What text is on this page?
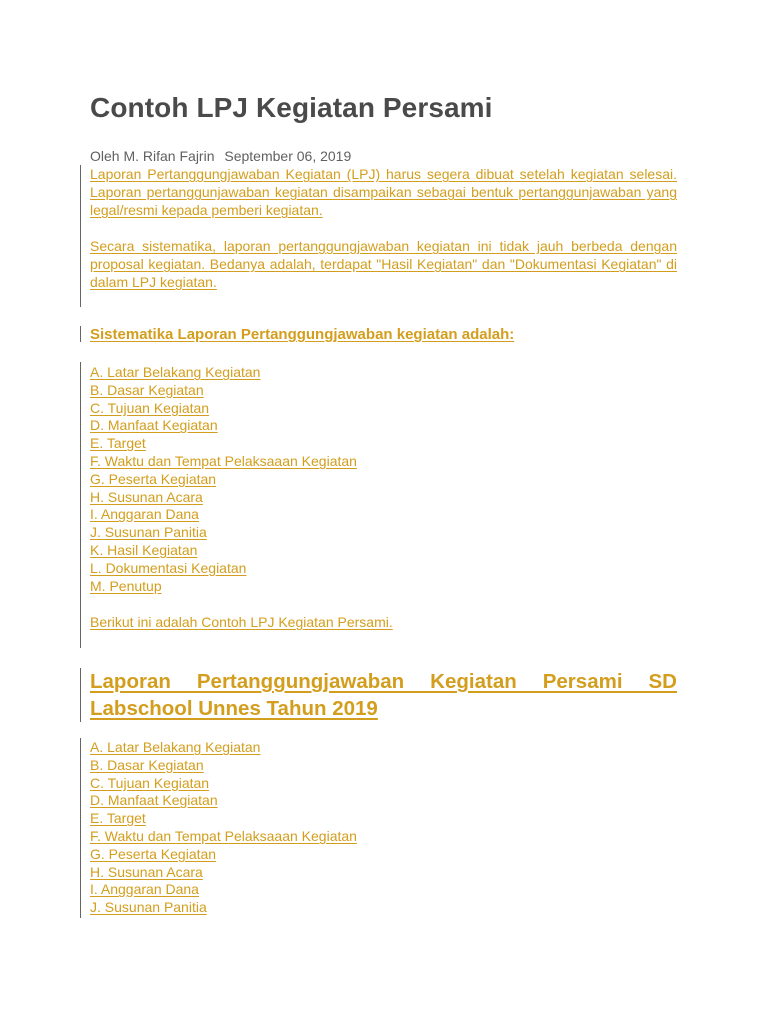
Contoh LPJ Kegiatan Persami
Oleh M. Rifan Fajrin September 06, 2019

Laporan Pertanggungjawaban Kegiatan (LPJ) harus segera dibuat setelah kegiatan selesai. Laporan pertanggunjawaban kegiatan disampaikan sebagai bentuk pertanggunjawaban yang legal/resmi kepada pemberi kegiatan.

Secara sistematika, laporan pertanggungjawaban kegiatan ini tidak jauh berbeda dengan proposal kegiatan. Bedanya adalah, terdapat "Hasil Kegiatan" dan "Dokumentasi Kegiatan" di dalam LPJ kegiatan.

Sistematika Laporan Pertanggungjawaban kegiatan adalah:
A. Latar Belakang Kegiatan
B. Dasar Kegiatan
C. Tujuan Kegiatan
D. Manfaat Kegiatan
E. Target
F. Waktu dan Tempat Pelaksaaan Kegiatan
G. Peserta Kegiatan
H. Susunan Acara
I. Anggaran Dana
J. Susunan Panitia
K. Hasil Kegiatan
L. Dokumentasi Kegiatan
M. Penutup
Berikut ini adalah Contoh LPJ Kegiatan Persami.
Laporan Pertanggungjawaban Kegiatan Persami SD Labschool Unnes Tahun 2019
A. Latar Belakang Kegiatan
B. Dasar Kegiatan
C. Tujuan Kegiatan
D. Manfaat Kegiatan
E. Target
F. Waktu dan Tempat Pelaksaaan Kegiatan
G. Peserta Kegiatan
H. Susunan Acara
I. Anggaran Dana
J. Susunan Panitia
